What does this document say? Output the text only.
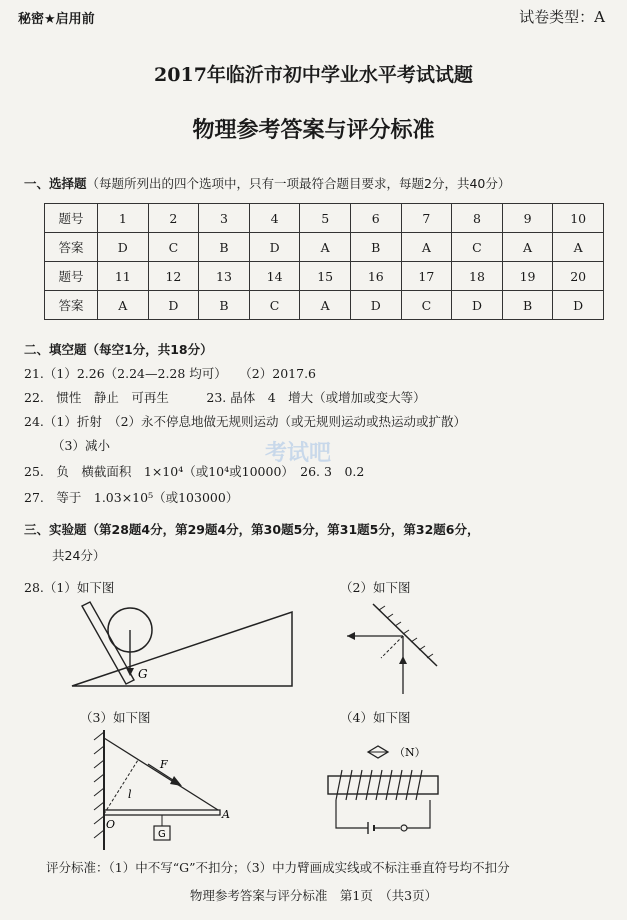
秘密★启用前	试卷类型：A
2017年临沂市初中学业水平考试试题
物理参考答案与评分标准
一、选择题（每题所列出的四个选项中，只有一项最符合题目要求，每题2分，共40分）
题号	1	2	3	4	5	6	7	8	9	10
答案	D	C	B	D	A	B	A	C	A	A
题号	11	12	13	14	15	16	17	18	19	20
答案	A	D	B	C	A	D	C	D	B	D
二、填空题（每空1分，共18分）
21.（1）2.26（2.24—2.28 均可）　　（2）2017.6
22.　惯性　静止　可再生　　　23. 晶体　4　增大（或增加或变大等）
24.（1）折射　（2）永不停息地做无规则运动（或无规则运动或热运动或扩散）
（3）减小
25.　负　横截面积　1×10⁴（或10⁴或10000）　26. 3　0.2
27.　等于　1.03×10⁵（或103000）
考试吧
三、实验题（第28题4分，第29题4分，第30题5分，第31题5分，第32题6分，
共24分）
28.（1）如下图	（2）如下图
G
（3）如下图	（4）如下图
G
F
l
O
A
（N）
评分标准：（1）中不写“G”不扣分；（3）中力臂画成实线或不标注垂直符号均不扣分
物理参考答案与评分标准　第1页　（共3页）
